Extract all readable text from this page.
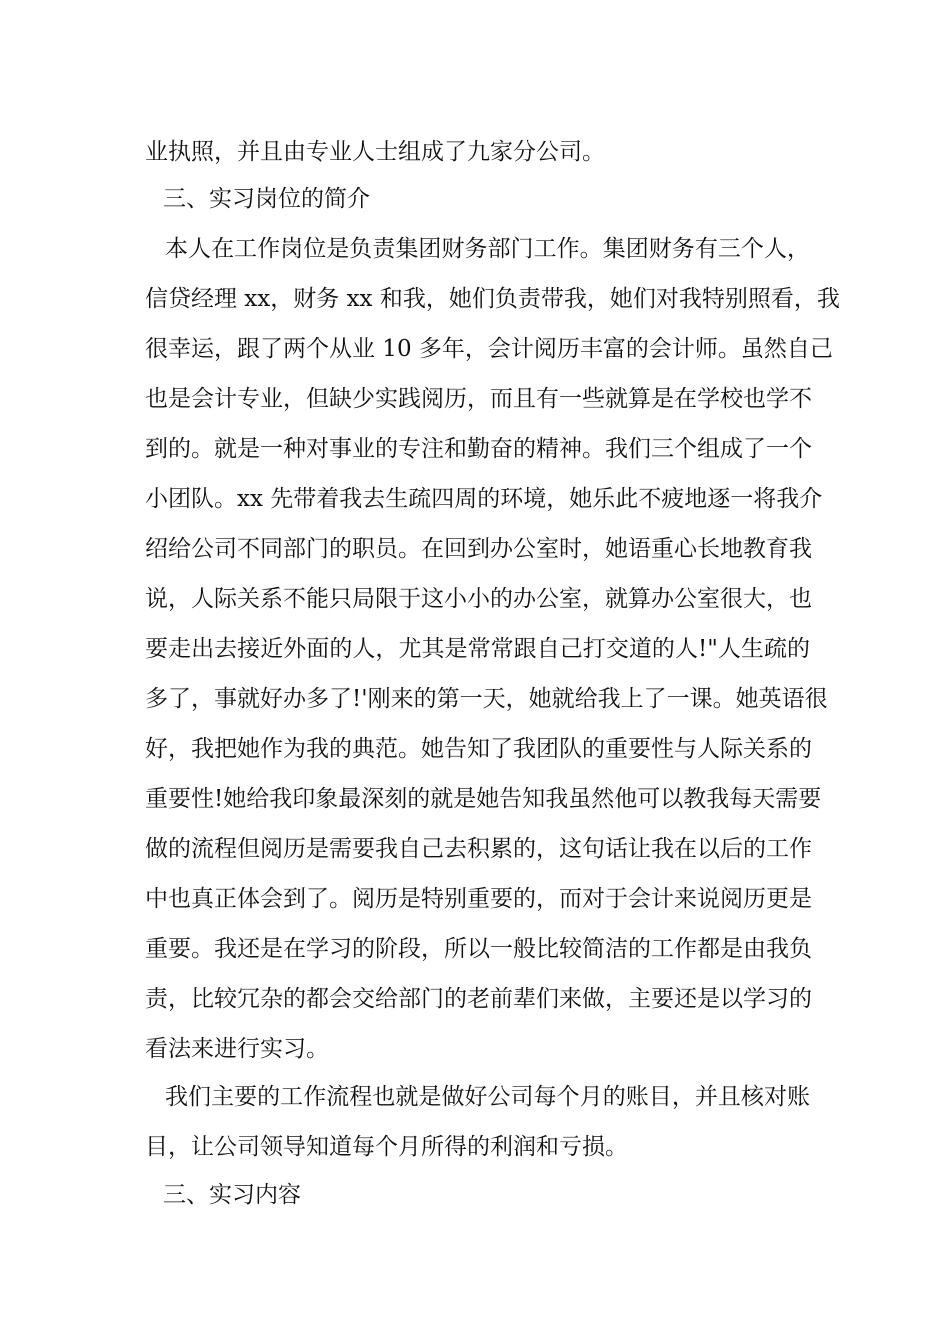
业执照，并且由专业人士组成了九家分公司。
三、实习岗位的简介
本人在工作岗位是负责集团财务部门工作。集团财务有三个人，
信贷经理 xx，财务 xx 和我，她们负责带我，她们对我特别照看，我
很幸运，跟了两个从业 10 多年，会计阅历丰富的会计师。虽然自己
也是会计专业，但缺少实践阅历，而且有一些就算是在学校也学不
到的。就是一种对事业的专注和勤奋的精神。我们三个组成了一个
小团队。xx 先带着我去生疏四周的环境，她乐此不疲地逐一将我介
绍给公司不同部门的职员。在回到办公室时，她语重心长地教育我
说，人际关系不能只局限于这小小的办公室，就算办公室很大，也
要走出去接近外面的人，尤其是常常跟自己打交道的人!"人生疏的
多了，事就好办多了!'刚来的第一天，她就给我上了一课。她英语很
好，我把她作为我的典范。她告知了我团队的重要性与人际关系的
重要性!她给我印象最深刻的就是她告知我虽然他可以教我每天需要
做的流程但阅历是需要我自己去积累的，这句话让我在以后的工作
中也真正体会到了。阅历是特别重要的，而对于会计来说阅历更是
重要。我还是在学习的阶段，所以一般比较简洁的工作都是由我负
责，比较冗杂的都会交给部门的老前辈们来做，主要还是以学习的
看法来进行实习。
我们主要的工作流程也就是做好公司每个月的账目，并且核对账
目，让公司领导知道每个月所得的利润和亏损。
三、实习内容
